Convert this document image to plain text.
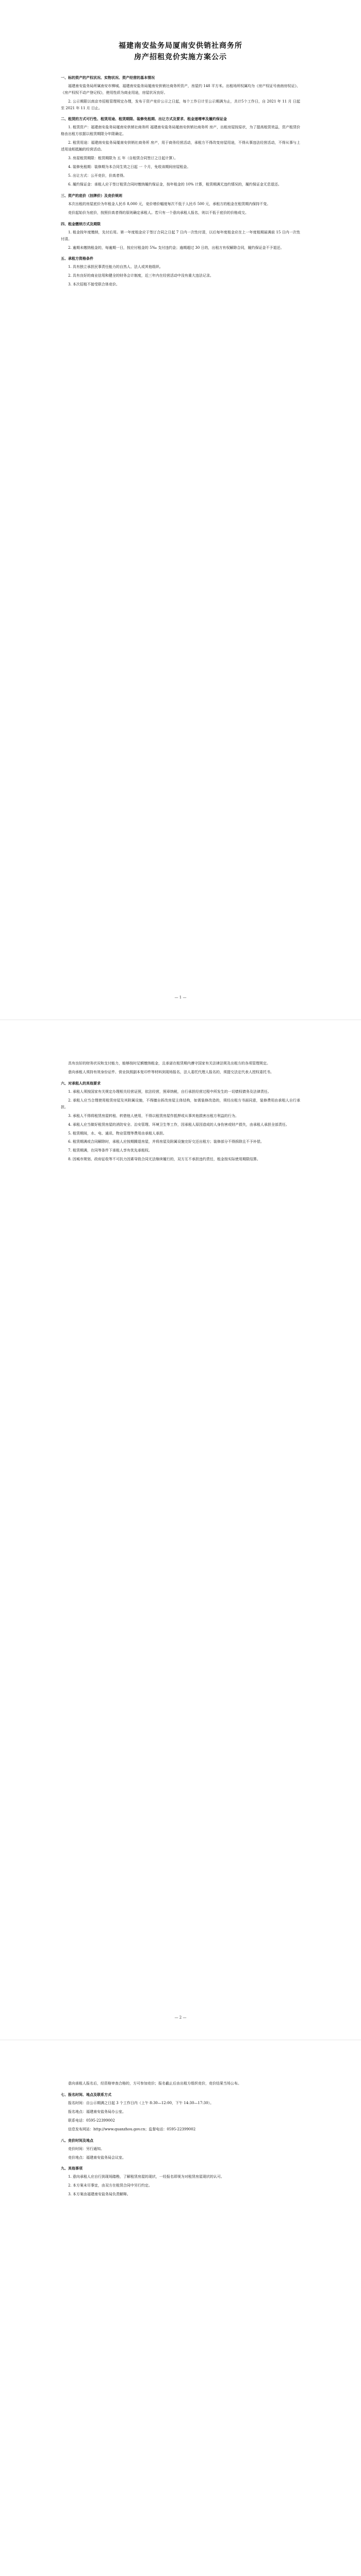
福建南安盐务局厦南安供销社商务所
房产招租竞价实施方案公示
一、标的资产的产权状况、实物状况、资产经营的基本情况

福建南安盐务局所属南安市柳城、福建南安盐务局厦南安供销社商务所资产，房屋约 148 平方米。出租场所权属均为《房产权证号南南房权证》、《房产权权不动产登记权》，使用性质为商业用途，房屋状况良好。

2. 公示期限以南京市招租管理规定办理，发布于资产竞价公示之日起，每个工作日计至公示期满为止，共计5个工作日，自 2021 年 11 月 日起至 2021 年 11 月 日止。

二、租赁的方式可行性、租赁用途、租赁期限、装修免租期、出让方式及要求、租金递增率及履约保证金

1. 租赁资产：福建南安盐务局厦南安供销社商务所 福建南安盐务局厦南安供销社商务所 房产，出租房屋按原状，为了提高租赁效益，资产租赁价格由出租方依据以租赁期限分年限确定。

2. 租赁用途：福建南安盐务局厦南安供销社商务所 房产，用于商务经营活动，承租方不得改变房屋用途，不得从事违法经营活动，不得从事与上述用途相抵触的经营活动。

3. 房屋租赁期限：租赁期限为 五 年（自租赁合同签订之日起计算）。

4. 装修免租期：装修期为本合同生效之日起 一 个月，免收该期间房屋租金。

5. 出让方式：公开竞价，价高者得。

6. 履约保证金：承租人应于签订租赁合同时缴纳履约保证金，按年租金的 10% 计算，租赁期满无违约情况的，履约保证金无息退还。

三、资产的底价（挂牌价）及竞价规则

本次出租的房屋底价为年租金人民币 8,000 元，竞价增价幅度每次不低于人民币 500 元，承租方的租金在租赁期内保持不变。

竞价起始价为底价，按照价高者得的原则确定承租人。若只有一个意向承租人报名，则以不低于底价的价格成交。

四、租金缴纳方式及期限

1. 租金按年度缴纳，先付后用。第一年度租金应于签订合同之日起 7 日内一次性付清，以后每年度租金应在上一年度租期届满前 15 日内一次性付清。

2. 逾期未缴纳租金的，每逾期一日，按应付租金的 5‰ 支付违约金；逾期超过 30 日的，出租方有权解除合同，履约保证金不予退还。

五、承租方资格条件

1. 具有独立承担民事责任能力的自然人、法人或其他组织。

2. 具有良好的商业信用和健全的财务会计制度，近三年内在经营活动中没有重大违法记录。

3. 本次招租不接受联合体竞价。

— 1 —

具有良好的财务状况和支付能力，能够按时足额缴纳租金，且承诺在租赁期内遵守国家有关法律法规及出租方的各项管理规定。

意向承租人须持有效身份证件、营业执照副本复印件等材料到现场报名，法人委托代理人报名的，须提交法定代表人授权委托书。

六、对承租人的其他要求

1. 承租人须按国家有关规定办理相关经营证照，依法经营，照章纳税，自行承担经营过程中所发生的一切债权债务及法律责任。

2. 承租人应当合理使用租赁房屋及其附属设施，不得擅自拆改房屋主体结构，如需装修改造的，须经出租方书面同意，装修费用由承租人自行承担。

3. 承租人不得将租赁房屋转租、转借他人使用，不得以租赁房屋作抵押或从事其他损害出租方利益的行为。

4. 承租人应当做好租赁房屋的消防安全、治安管理、环境卫生等工作，因承租人原因造成的人身伤害或财产损失，由承租人承担全部责任。

5. 租赁期间，水、电、通讯、物业管理等费用由承租人承担。

6. 租赁期满或合同解除时，承租人应按期腾退房屋，并将房屋及附属设施完好交还出租方；装修部分不得拆除且不予补偿。

7. 租赁期满，在同等条件下承租人享有优先承租权。

8. 因城市规划、政府征收等不可抗力因素导致合同无法继续履行的，双方互不承担违约责任，租金按实际使用期限结算。

— 2 —

意向承租人报名后，经资格审查合格的，方可参加竞价；报名截止后由出租方组织竞价，竞价结果当场公布。

七、报名时间、地点及联系方式

报名时间：自公示期满之日起 3 个工作日内（上午 8:30—12:00，下午 14:30—17:30）。

报名地点：福建南安盐务局办公室。

联系电话：0595-22399002

信息发布网站：http://www.quanzhou.gov.cn；监督电话：0595-22399002

八、竞价时间及地点

竞价时间：另行通知。

竞价地点：福建南安盐务局会议室。

九、其他事项

1. 意向承租人应自行到现场踏勘，了解租赁房屋的现状，一经报名即视为对租赁房屋现状的认可。

2. 本方案未尽事宜，由双方在租赁合同中另行约定。

3. 本方案由福建南安盐务局负责解释。
